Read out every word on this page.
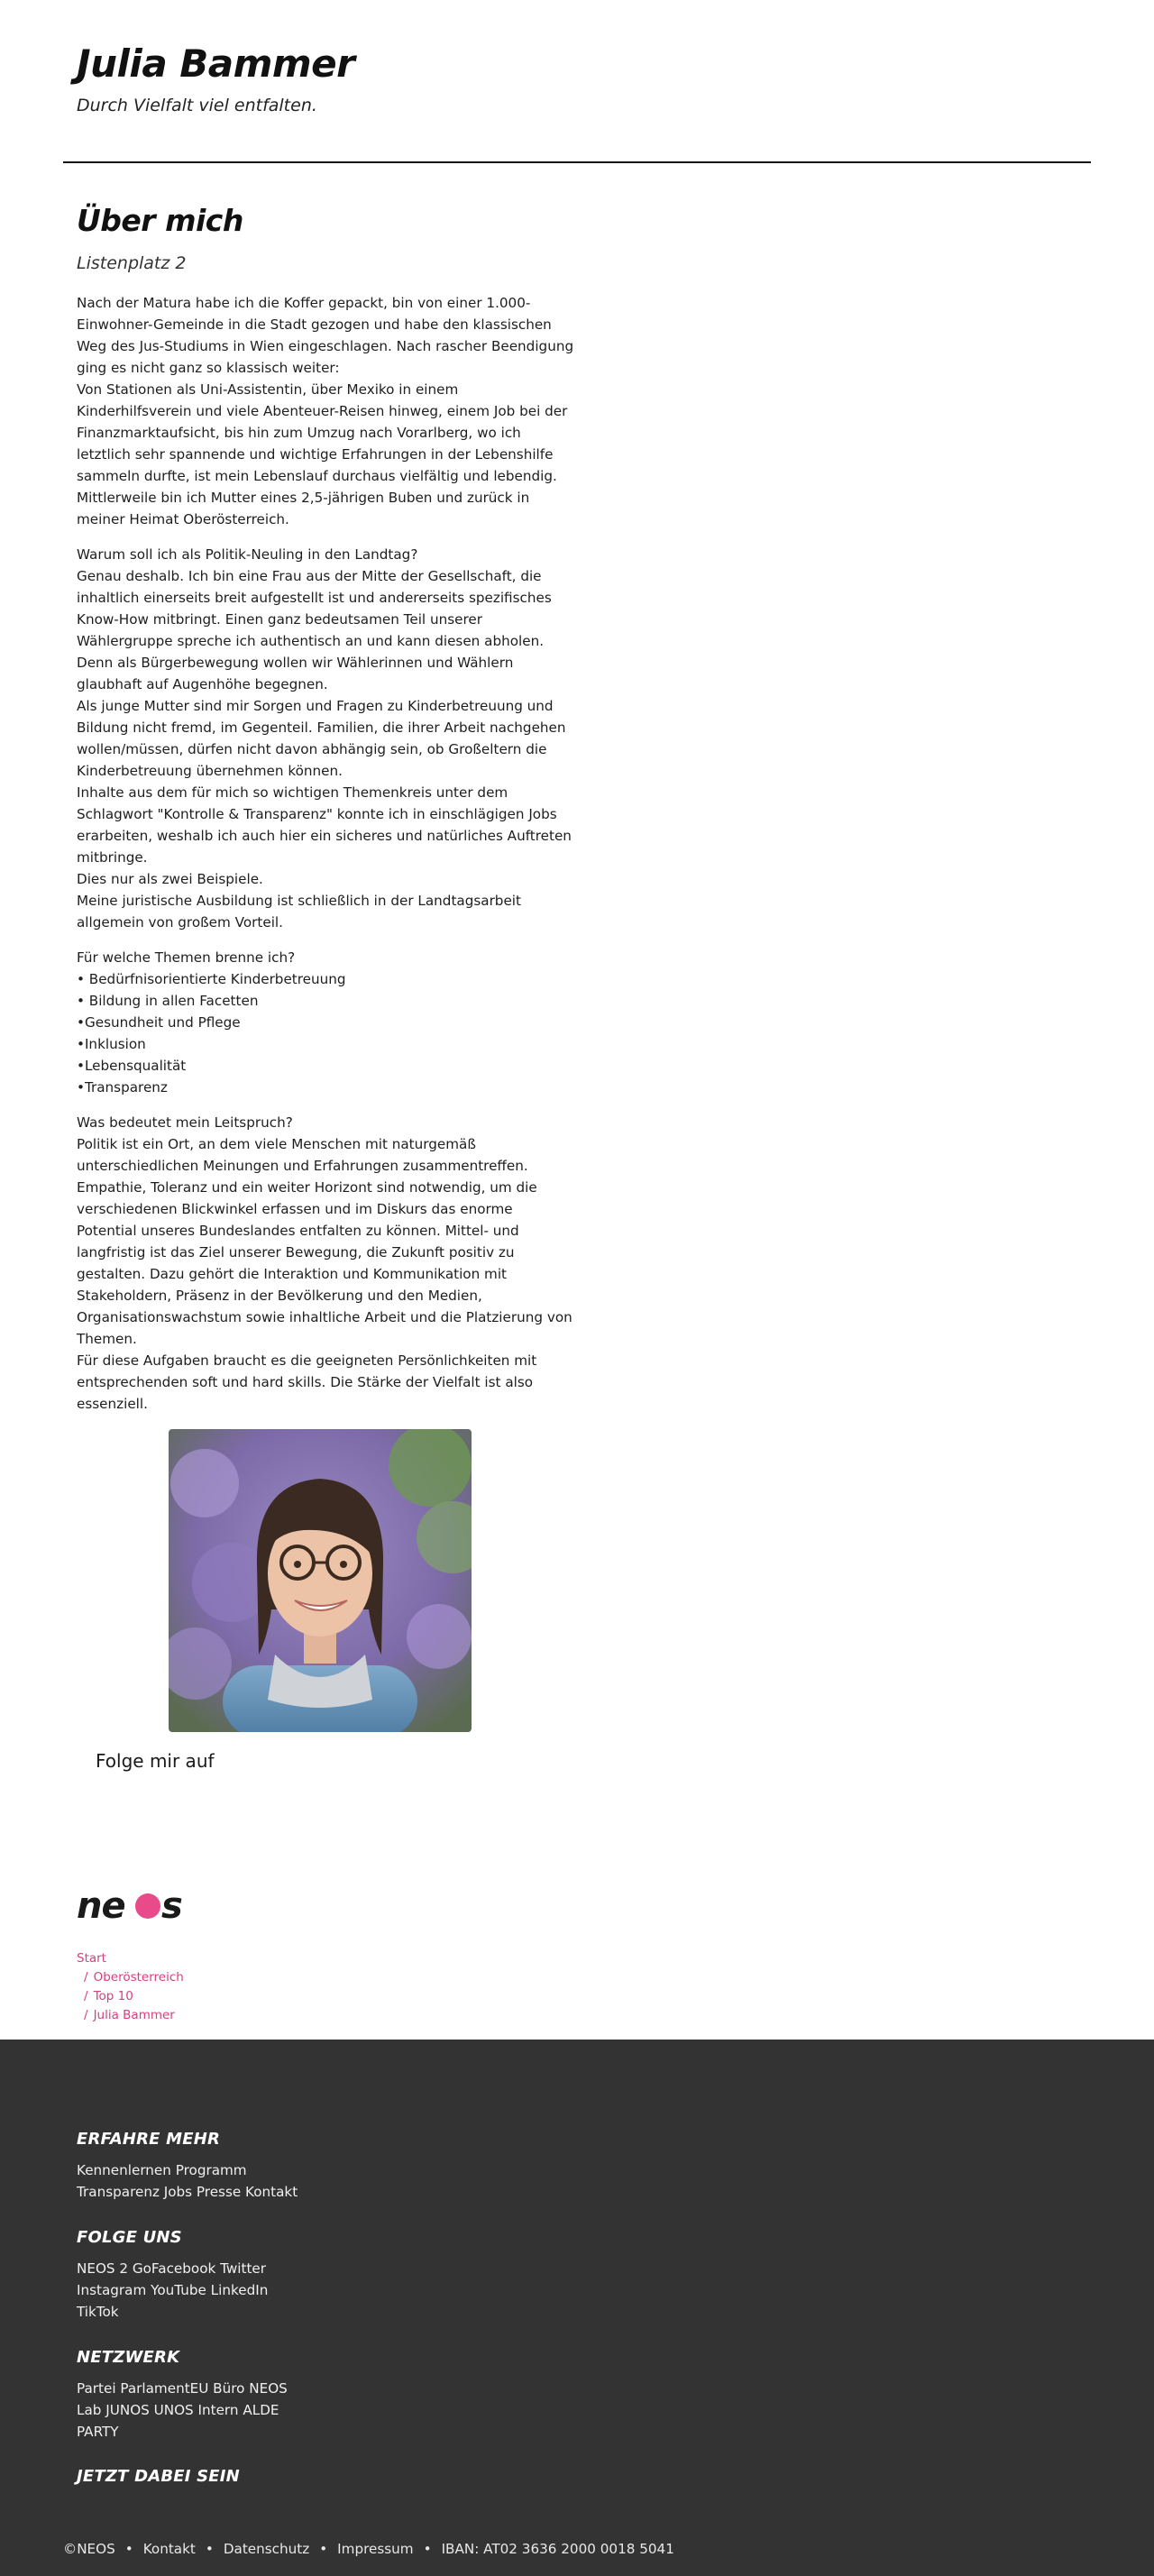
Julia Bammer
Durch Vielfalt viel entfalten.
Über mich
Listenplatz 2

Nach der Matura habe ich die Koffer gepackt, bin von einer 1.000-
Einwohner-Gemeinde in die Stadt gezogen und habe den klassischen
Weg des Jus-Studiums in Wien eingeschlagen. Nach rascher Beendigung
ging es nicht ganz so klassisch weiter:
Von Stationen als Uni-Assistentin, über Mexiko in einem
Kinderhilfsverein und viele Abenteuer-Reisen hinweg, einem Job bei der
Finanzmarktaufsicht, bis hin zum Umzug nach Vorarlberg, wo ich
letztlich sehr spannende und wichtige Erfahrungen in der Lebenshilfe
sammeln durfte, ist mein Lebenslauf durchaus vielfältig und lebendig.
Mittlerweile bin ich Mutter eines 2,5-jährigen Buben und zurück in
meiner Heimat Oberösterreich.

Warum soll ich als Politik-Neuling in den Landtag?
Genau deshalb. Ich bin eine Frau aus der Mitte der Gesellschaft, die
inhaltlich einerseits breit aufgestellt ist und andererseits spezifisches
Know-How mitbringt. Einen ganz bedeutsamen Teil unserer
Wählergruppe spreche ich authentisch an und kann diesen abholen.
Denn als Bürgerbewegung wollen wir Wählerinnen und Wählern
glaubhaft auf Augenhöhe begegnen.
Als junge Mutter sind mir Sorgen und Fragen zu Kinderbetreuung und
Bildung nicht fremd, im Gegenteil. Familien, die ihrer Arbeit nachgehen
wollen/müssen, dürfen nicht davon abhängig sein, ob Großeltern die
Kinderbetreuung übernehmen können.
Inhalte aus dem für mich so wichtigen Themenkreis unter dem
Schlagwort "Kontrolle & Transparenz" konnte ich in einschlägigen Jobs
erarbeiten, weshalb ich auch hier ein sicheres und natürliches Auftreten
mitbringe.
Dies nur als zwei Beispiele.
Meine juristische Ausbildung ist schließlich in der Landtagsarbeit
allgemein von großem Vorteil.

Für welche Themen brenne ich?
• Bedürfnisorientierte Kinderbetreuung
• Bildung in allen Facetten
•Gesundheit und Pflege
•Inklusion
•Lebensqualität
•Transparenz

Was bedeutet mein Leitspruch?
Politik ist ein Ort, an dem viele Menschen mit naturgemäß
unterschiedlichen Meinungen und Erfahrungen zusammentreffen.
Empathie, Toleranz und ein weiter Horizont sind notwendig, um die
verschiedenen Blickwinkel erfassen und im Diskurs das enorme
Potential unseres Bundeslandes entfalten zu können. Mittel- und
langfristig ist das Ziel unserer Bewegung, die Zukunft positiv zu
gestalten. Dazu gehört die Interaktion und Kommunikation mit
Stakeholdern, Präsenz in der Bevölkerung und den Medien,
Organisationswachstum sowie inhaltliche Arbeit und die Platzierung von
Themen.
Für diese Aufgaben braucht es die geeigneten Persönlichkeiten mit
entsprechenden soft und hard skills. Die Stärke der Vielfalt ist also
essenziell.

Folge mir auf
ne s
Start
/ Oberösterreich
/ Top 10
/ Julia Bammer
ERFAHRE MEHR
Kennenlernen Programm
Transparenz Jobs Presse Kontakt
FOLGE UNS
NEOS 2 GoFacebook Twitter
Instagram YouTube LinkedIn
TikTok
NETZWERK
Partei ParlamentEU Büro NEOS
Lab JUNOS UNOS Intern ALDE
PARTY
JETZT DABEI SEIN
©NEOS • Kontakt • Datenschutz • Impressum • IBAN: AT02 3636 2000 0018 5041
